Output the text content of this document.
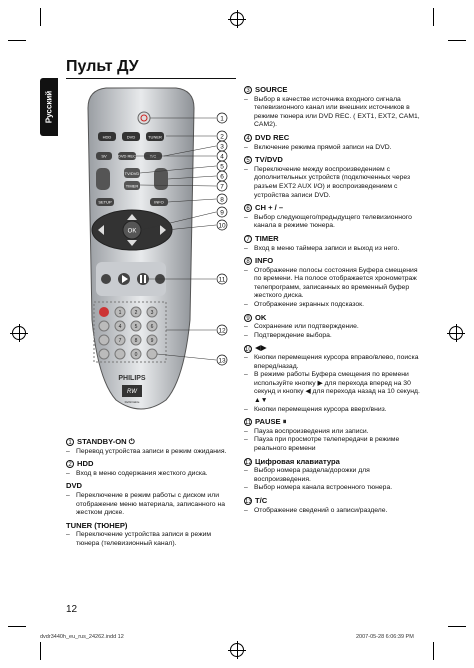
Русский
Пульт ДУ
HDD	DVD	TUNER
SV	DVD REC	T/C
TV/DVD
TIMER
SETUP	INFO
OK
1	2	3
4	5	6
7	8	9
0
PHILIPS
RW
ReWritable
1
2
3
4
5
6
7
8
9
10
11
12
13
1 STANDBY-ON ⏻
– Перевод устройства записи в режим ожидания.
2 HDD
– Вход в меню содержания жесткого диска.
DVD
– Переключение в режим работы с диском или отображение меню материала, записанного на жестком диске.
TUNER (ТЮНЕР)
– Переключение устройства записи в режим тюнера (телевизионный канал).
3 SOURCE
– Выбор в качестве источника входного сигнала телевизионного канал или внешних источников в режиме тюнера или DVD REC. ( EXT1, EXT2, CAM1, CAM2).
4 DVD REC
– Включение режима прямой записи на DVD.
5 TV/DVD
– Переключение между воспроизведением с дополнительных устройств (подключенных через разъем EXT2 AUX I/O) и воспроизведением с устройства записи DVD.
6 CH + / –
– Выбор следующего/предыдущего телевизионного канала в режиме тюнера.
7 TIMER
– Вход в меню таймера записи и выход из него.
8 INFO
– Отображение полосы состояния Буфера смещения по времени. На полосе отображается хронометраж телепрограмм, записанных во временный буфер жесткого диска.
– Отображение экранных подсказок.
9 OK
– Сохранение или подтверждение.
– Подтверждение выбора.
10 ◀▶
– Кнопки перемещения курсора вправо/влево, поиска вперед/назад.
– В режиме работы Буфера смещения по времени используйте кнопку ▶ для перехода вперед на 30 секунд и кнопку ◀ для перехода назад на 10 секунд. ▲▼
– Кнопки перемещения курсора вверх/вниз.
11 PAUSE ⏸
– Пауза воспроизведения или записи.
– Пауза при просмотре телепередачи в режиме реального времени
12 Цифровая клавиатура
– Выбор номера раздела/дорожки для воспроизведения.
– Выбор номера канала встроенного тюнера.
13 T/C
– Отображение сведений о записи/разделе.
12
dvdr3440h_eu_rus_24262.indd 12	2007-05-28 6:06:39 PM
